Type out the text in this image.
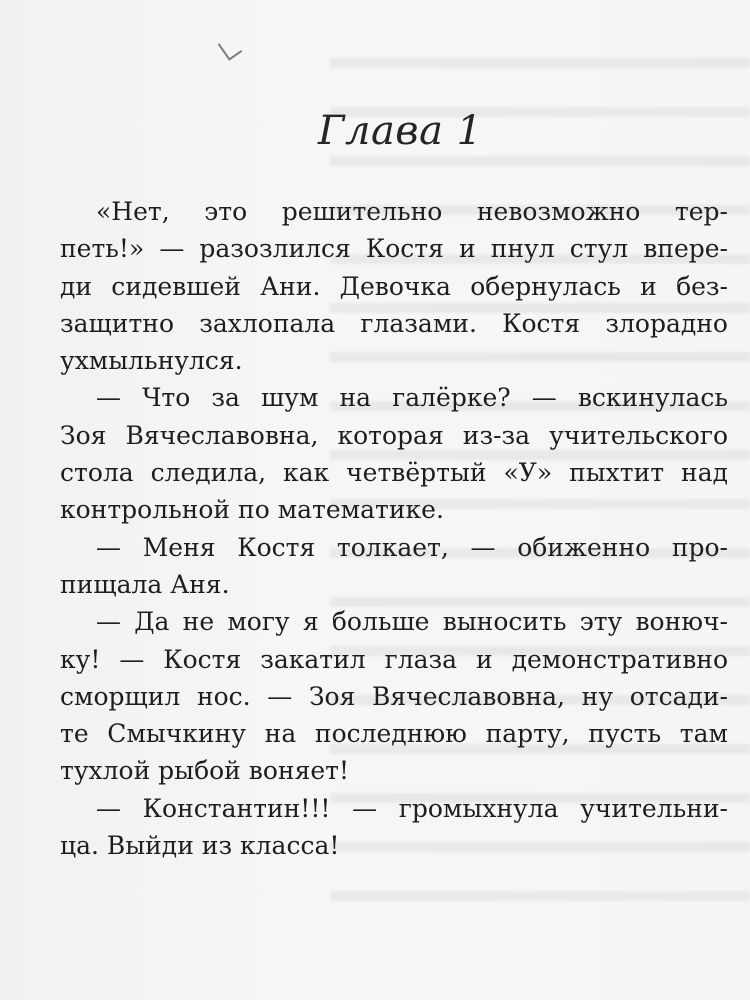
Глава 1
«Нет, это решительно невозможно тер-
петь!» — разозлился Костя и пнул стул впере-
ди сидевшей Ани. Девочка обернулась и без-
защитно захлопала глазами. Костя злорадно
ухмыльнулся.
— Что за шум на галёрке? — вскинулась
Зоя Вячеславовна, которая из-за учительского
стола следила, как четвёртый «У» пыхтит над
контрольной по математике.
— Меня Костя толкает, — обиженно про-
пищала Аня.
— Да не могу я больше выносить эту вонюч-
ку! — Костя закатил глаза и демонстративно
сморщил нос. — Зоя Вячеславовна, ну отсади-
те Смычкину на последнюю парту, пусть там
тухлой рыбой воняет!
— Константин!!! — громыхнула учительни-
ца. Выйди из класса!
